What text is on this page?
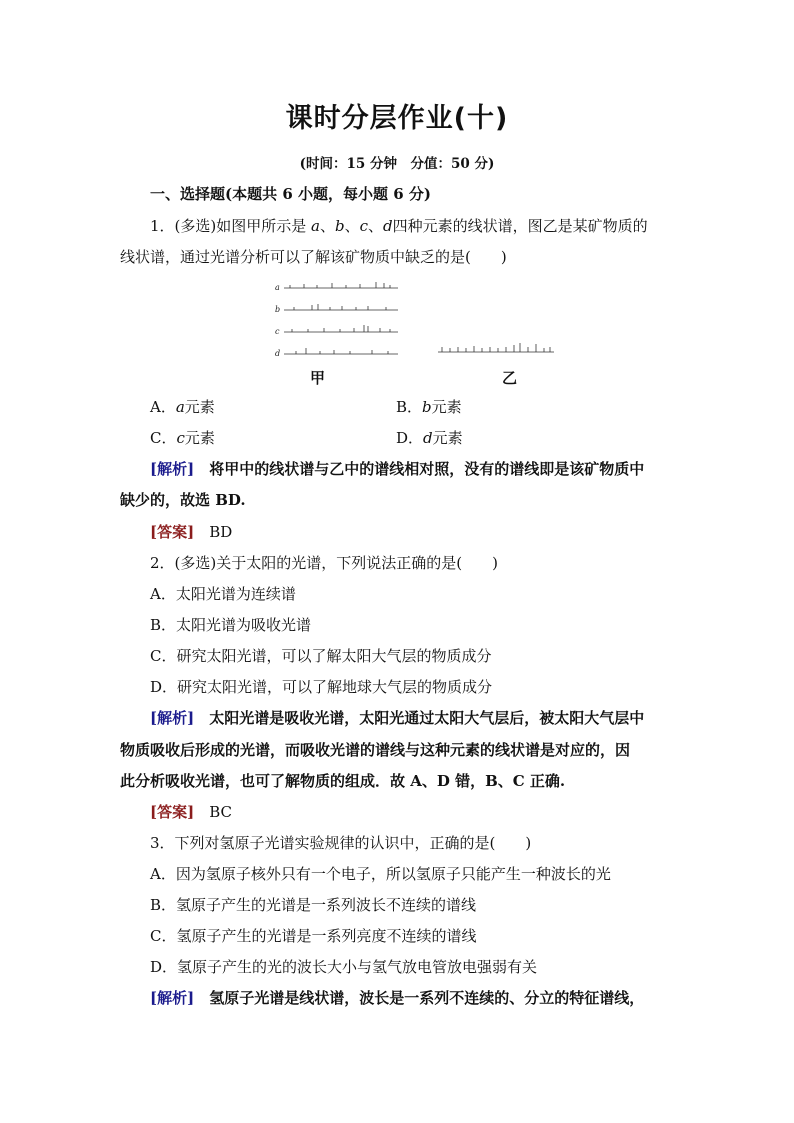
课时分层作业(十)
(时间：15 分钟　分值：50 分)
一、选择题(本题共 6 小题，每小题 6 分)
1．(多选)如图甲所示是 a、b、c、d四种元素的线状谱，图乙是某矿物质的
线状谱，通过光谱分析可以了解该矿物质中缺乏的是(　　)
a
b
c
d
甲	乙
A．a元素	B．b元素
C．c元素	D．d元素
[解析]　将甲中的线状谱与乙中的谱线相对照，没有的谱线即是该矿物质中
缺少的，故选 BD.
[答案]　BD
2．(多选)关于太阳的光谱，下列说法正确的是(　　)
A．太阳光谱为连续谱
B．太阳光谱为吸收光谱
C．研究太阳光谱，可以了解太阳大气层的物质成分
D．研究太阳光谱，可以了解地球大气层的物质成分
[解析]　太阳光谱是吸收光谱，太阳光通过太阳大气层后，被太阳大气层中
物质吸收后形成的光谱，而吸收光谱的谱线与这种元素的线状谱是对应的，因
此分析吸收光谱，也可了解物质的组成．故 A、D 错，B、C 正确.
[答案]　BC
3．下列对氢原子光谱实验规律的认识中，正确的是(　　)
A．因为氢原子核外只有一个电子，所以氢原子只能产生一种波长的光
B．氢原子产生的光谱是一系列波长不连续的谱线
C．氢原子产生的光谱是一系列亮度不连续的谱线
D．氢原子产生的光的波长大小与氢气放电管放电强弱有关
[解析]　氢原子光谱是线状谱，波长是一系列不连续的、分立的特征谱线，
